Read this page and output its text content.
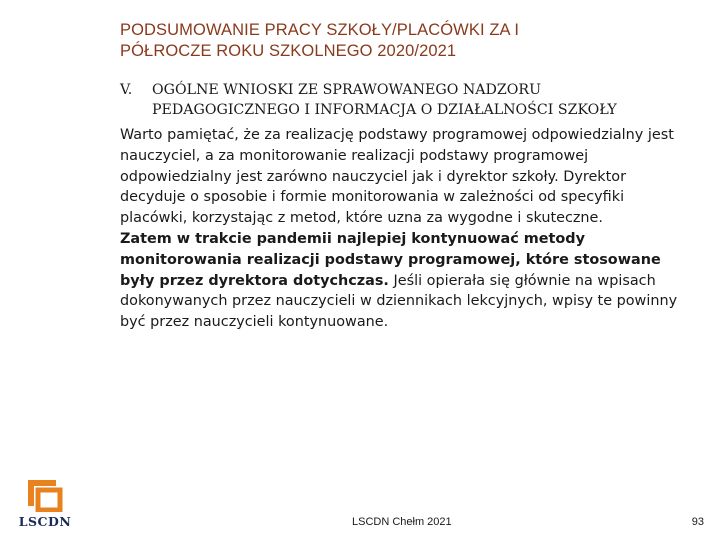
PODSUMOWANIE PRACY SZKOŁY/PLACÓWKI ZA I
PÓŁROCZE ROKU SZKOLNEGO 2020/2021
V. OGÓLNE WNIOSKI ZE SPRAWOWANEGO NADZORU
PEDAGOGICZNEGO I INFORMACJA O DZIAŁALNOŚCI SZKOŁY

Warto pamiętać, że za realizację podstawy programowej odpowiedzialny jest nauczyciel, a za monitorowanie realizacji podstawy programowej odpowiedzialny jest zarówno nauczyciel jak i dyrektor szkoły. Dyrektor decyduje o sposobie i formie monitorowania w zależności od specyfiki placówki, korzystając z metod, które uzna za wygodne i skuteczne.

Zatem w trakcie pandemii najlepiej kontynuować metody monitorowania realizacji podstawy programowej, które stosowane były przez dyrektora dotychczas. Jeśli opierała się głównie na wpisach dokonywanych przez nauczycieli w dziennikach lekcyjnych, wpisy te powinny być przez nauczycieli kontynuowane.

LSCDN	LSCDN Chełm 2021	93
